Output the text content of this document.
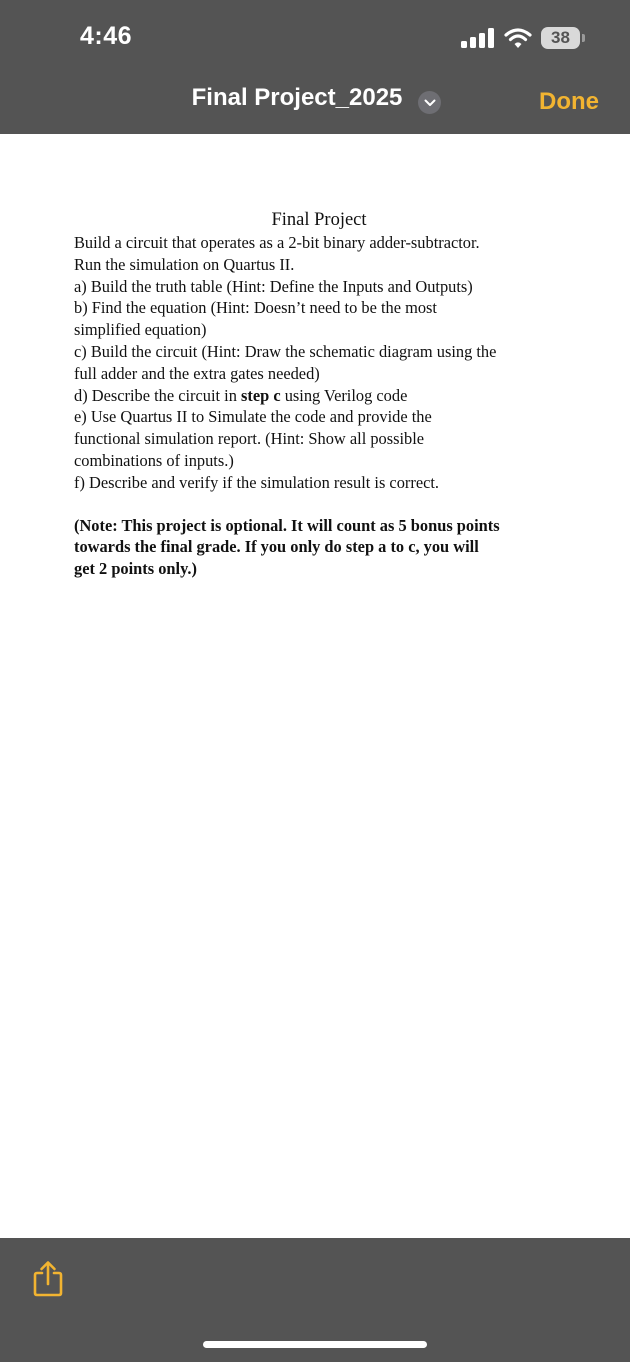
4:46	38
Final Project_2025	Done
Final Project
Build a circuit that operates as a 2-bit binary adder-subtractor.
Run the simulation on Quartus II.
a) Build the truth table (Hint: Define the Inputs and Outputs)
b) Find the equation (Hint: Doesn’t need to be the most
simplified equation)
c) Build the circuit (Hint: Draw the schematic diagram using the
full adder and the extra gates needed)
d) Describe the circuit in step c using Verilog code
e) Use Quartus II to Simulate the code and provide the
functional simulation report. (Hint: Show all possible
combinations of inputs.)
f) Describe and verify if the simulation result is correct.
(Note: This project is optional. It will count as 5 bonus points
towards the final grade. If you only do step a to c, you will
get 2 points only.)
